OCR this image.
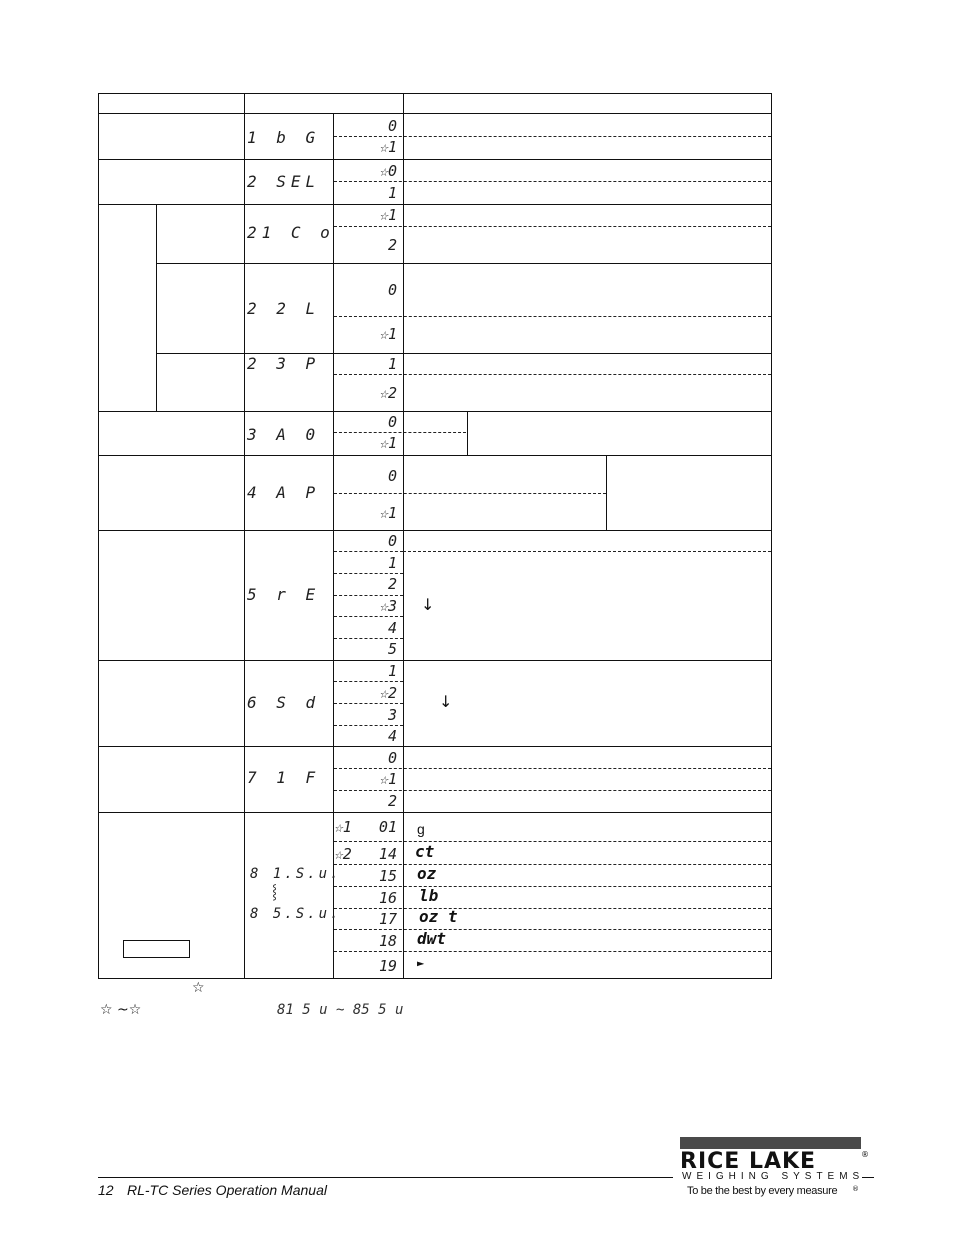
1 b G
2 SEL
21 C o
2 2 L
2 3 P
3 A 0
4 A P
5 r E
6 S d
7 1 F
8 1.S.u.
⸾
8 5.S.u.
0
☆1
☆0
1
☆1
2
0
☆1
1
☆2
0
☆1
0
☆1
0
1
2
☆3
4
5
1
☆2
3
4
0
☆1
2
☆1   01
☆2   14
15
16
17
18
19
g
ct
oz
lb
oz t
dwt
►
↓
↓
☆
☆ ~☆	81 5 u ~ 85 5 u
12 RL-TC Series Operation Manual
RICE LAKE	®
WEIGHING SYSTEMS
To be the best by every measure ®
